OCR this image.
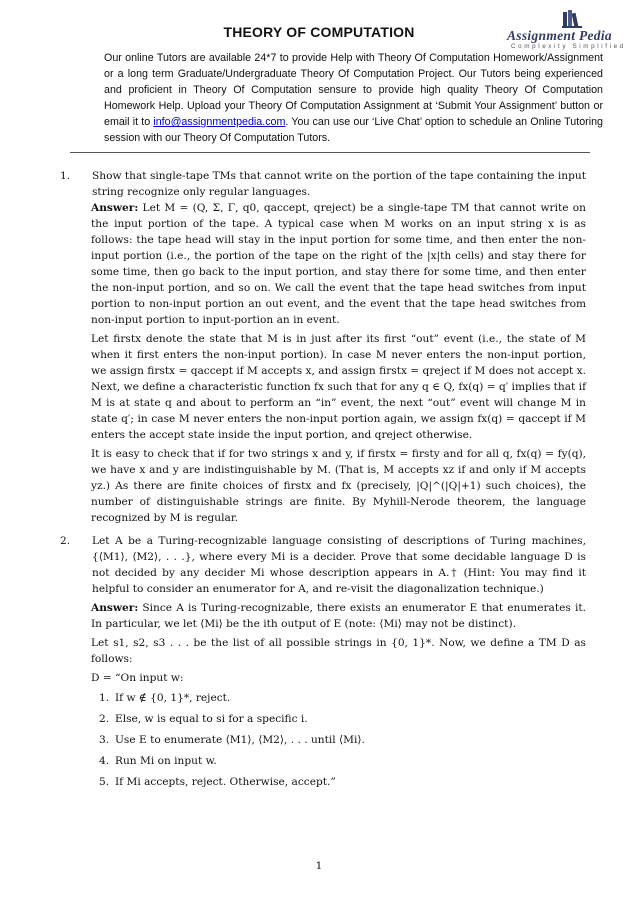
THEORY OF COMPUTATION	Assignment Pedia
Complexity Simplified
Our online Tutors are available 24*7 to provide Help with Theory Of Computation Homework/Assignment or a long term Graduate/Undergraduate Theory Of Computation Project. Our Tutors being experienced and proficient in Theory Of Computation sensure to provide high quality Theory Of Computation Homework Help. Upload your Theory Of Computation Assignment at ‘Submit Your Assignment’ button or email it to info@assignmentpedia.com. You can use our ‘Live Chat’ option to schedule an Online Tutoring session with our Theory Of Computation Tutors.

1. Show that single-tape TMs that cannot write on the portion of the tape containing the input string recognize only regular languages.

Answer: Let M = (Q, Σ, Γ, q0, qaccept, qreject) be a single-tape TM that cannot write on the input portion of the tape. A typical case when M works on an input string x is as follows: the tape head will stay in the input portion for some time, and then enter the non-input portion (i.e., the portion of the tape on the right of the |x|th cells) and stay there for some time, then go back to the input portion, and stay there for some time, and then enter the non-input portion, and so on. We call the event that the tape head switches from input portion to non-input portion an out event, and the event that the tape head switches from non-input portion to input-portion an in event.

Let firstx denote the state that M is in just after its first “out” event (i.e., the state of M when it first enters the non-input portion). In case M never enters the non-input portion, we assign firstx = qaccept if M accepts x, and assign firstx = qreject if M does not accept x. Next, we define a characteristic function fx such that for any q ∈ Q, fx(q) = q′ implies that if M is at state q and about to perform an “in” event, the next “out” event will change M in state q′; in case M never enters the non-input portion again, we assign fx(q) = qaccept if M enters the accept state inside the input portion, and qreject otherwise.

It is easy to check that if for two strings x and y, if firstx = firsty and for all q, fx(q) = fy(q), we have x and y are indistinguishable by M. (That is, M accepts xz if and only if M accepts yz.) As there are finite choices of firstx and fx (precisely, |Q|^(|Q|+1) such choices), the number of distinguishable strings are finite. By Myhill-Nerode theorem, the language recognized by M is regular.

2. Let A be a Turing-recognizable language consisting of descriptions of Turing machines, {⟨M1⟩, ⟨M2⟩, . . .}, where every Mi is a decider. Prove that some decidable language D is not decided by any decider Mi whose description appears in A.† (Hint: You may find it helpful to consider an enumerator for A, and re-visit the diagonalization technique.)

Answer: Since A is Turing-recognizable, there exists an enumerator E that enumerates it. In particular, we let ⟨Mi⟩ be the ith output of E (note: ⟨Mi⟩ may not be distinct).

Let s1, s2, s3 . . . be the list of all possible strings in {0, 1}*. Now, we define a TM D as follows:

D = “On input w:

1. If w ∉ {0, 1}*, reject.
2. Else, w is equal to si for a specific i.
3. Use E to enumerate ⟨M1⟩, ⟨M2⟩, . . . until ⟨Mi⟩.
4. Run Mi on input w.
5. If Mi accepts, reject. Otherwise, accept.”
1
